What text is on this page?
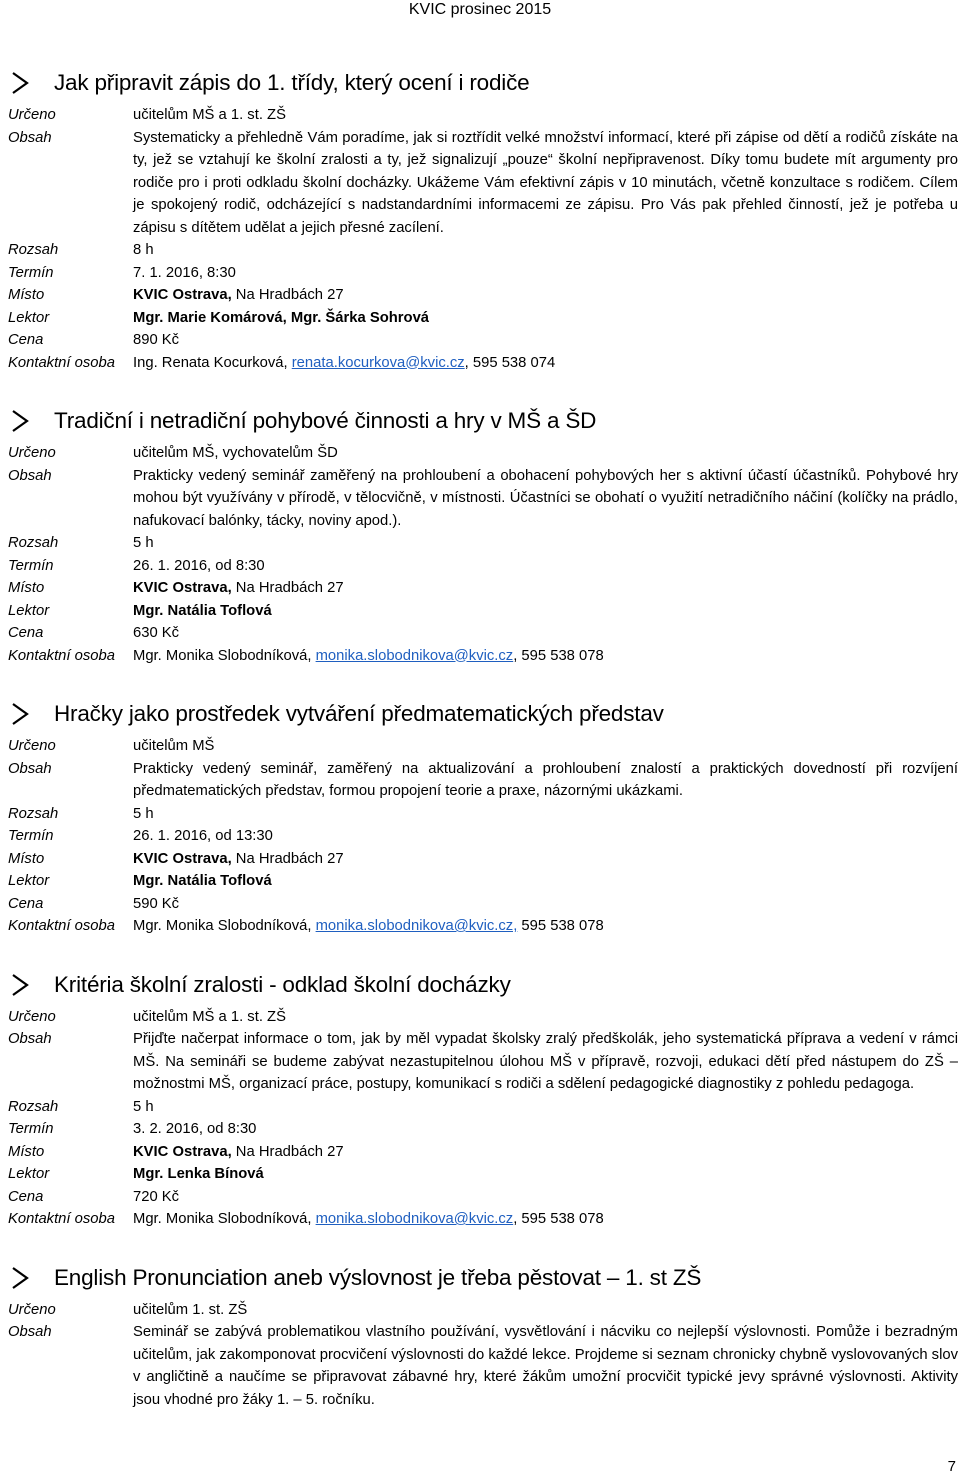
KVIC prosinec 2015
Jak připravit zápis do 1. třídy, který ocení i rodiče
Určeno	učitelům MŠ a 1. st. ZŠ
Obsah	Systematicky a přehledně Vám poradíme, jak si roztřídit velké množství informací, které při zápise od dětí a rodičů získáte na ty, jež se vztahují ke školní zralosti a ty, jež signalizují „pouze“ školní nepřipravenost. Díky tomu budete mít argumenty pro rodiče pro i proti odkladu školní docházky. Ukážeme Vám efektivní zápis v 10 minutách, včetně konzultace s rodičem. Cílem je spokojený rodič, odcházející s nadstandardními informacemi ze zápisu. Pro Vás pak přehled činností, jež je potřeba u zápisu s dítětem udělat a jejich přesné zacílení.
Rozsah	8 h
Termín	7. 1. 2016, 8:30
Místo	KVIC Ostrava, Na Hradbách 27
Lektor	Mgr. Marie Komárová, Mgr. Šárka Sohrová
Cena	890 Kč
Kontaktní osoba	Ing. Renata Kocurková, renata.kocurkova@kvic.cz, 595 538 074
Tradiční i netradiční pohybové činnosti a hry v MŠ a ŠD
Určeno	učitelům MŠ, vychovatelům ŠD
Obsah	Prakticky vedený seminář zaměřený na prohloubení a obohacení pohybových her s aktivní účastí účastníků. Pohybové hry mohou být využívány v přírodě, v tělocvičně, v místnosti. Účastníci se obohatí o využití netradičního náčiní (kolíčky na prádlo, nafukovací balónky, tácky, noviny apod.).
Rozsah	5 h
Termín	26. 1. 2016, od 8:30
Místo	KVIC Ostrava, Na Hradbách 27
Lektor	Mgr. Natália Toflová
Cena	630 Kč
Kontaktní osoba	Mgr. Monika Slobodníková, monika.slobodnikova@kvic.cz, 595 538 078
Hračky jako prostředek vytváření předmatematických představ
Určeno	učitelům MŠ
Obsah	Prakticky vedený seminář, zaměřený na aktualizování a prohloubení znalostí a praktických dovedností při rozvíjení předmatematických představ, formou propojení teorie a praxe, názornými ukázkami.
Rozsah	5 h
Termín	26. 1. 2016, od 13:30
Místo	KVIC Ostrava, Na Hradbách 27
Lektor	Mgr. Natália Toflová
Cena	590 Kč
Kontaktní osoba	Mgr. Monika Slobodníková, monika.slobodnikova@kvic.cz, 595 538 078
Kritéria školní zralosti - odklad školní docházky
Určeno	učitelům MŠ a 1. st. ZŠ
Obsah	Přijďte načerpat informace o tom, jak by měl vypadat školsky zralý předškolák, jeho systematická příprava a vedení v rámci MŠ. Na semináři se budeme zabývat nezastupitelnou úlohou MŠ v přípravě, rozvoji, edukaci dětí před nástupem do ZŠ – možnostmi MŠ, organizací práce, postupy, komunikací s rodiči a sdělení pedagogické diagnostiky z pohledu pedagoga.
Rozsah	5 h
Termín	3. 2. 2016, od 8:30
Místo	KVIC Ostrava, Na Hradbách 27
Lektor	Mgr. Lenka Bínová
Cena	720 Kč
Kontaktní osoba	Mgr. Monika Slobodníková, monika.slobodnikova@kvic.cz, 595 538 078
English Pronunciation aneb výslovnost je třeba pěstovat – 1. st ZŠ
Určeno	učitelům 1. st. ZŠ
Obsah	Seminář se zabývá problematikou vlastního používání, vysvětlování i nácviku co nejlepší výslovnosti. Pomůže i bezradným učitelům, jak zakomponovat procvičení výslovnosti do každé lekce. Projdeme si seznam chronicky chybně vyslovovaných slov v angličtině a naučíme se připravovat zábavné hry, které žákům umožní procvičit typické jevy správné výslovnosti. Aktivity jsou vhodné pro žáky 1. – 5. ročníku.
7
